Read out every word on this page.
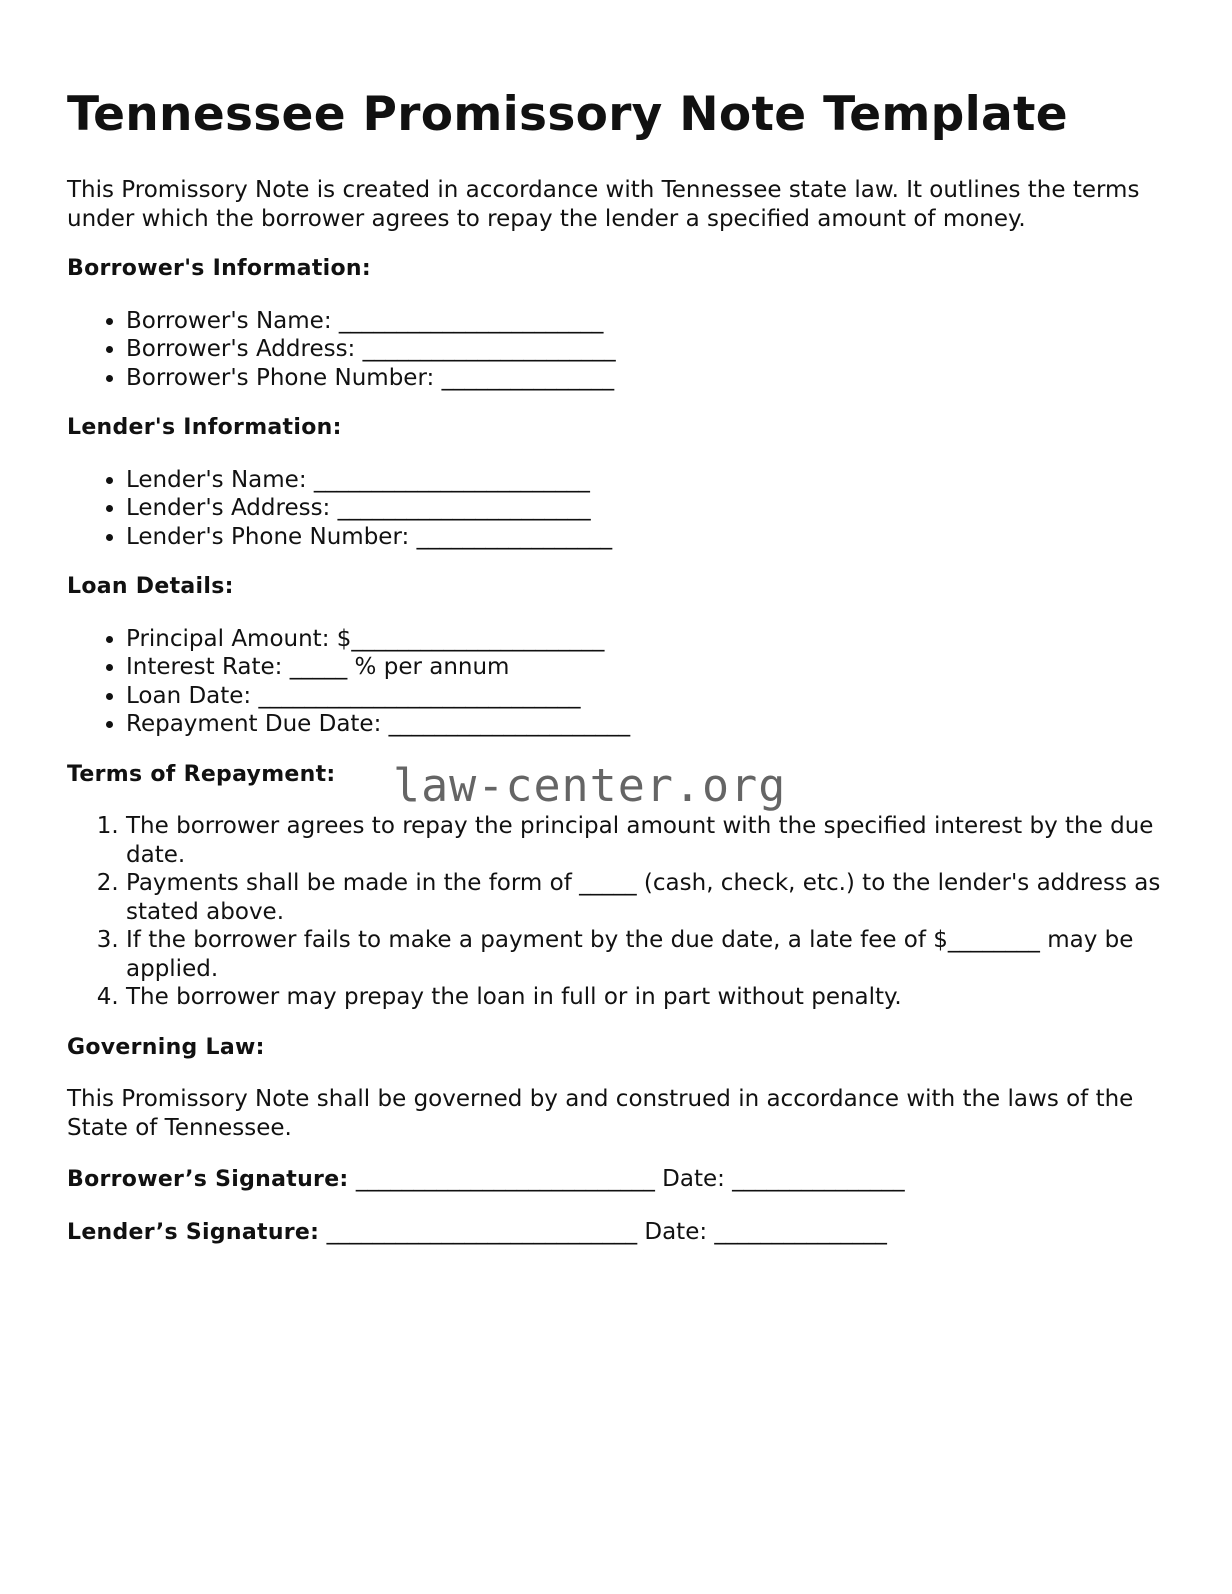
Tennessee Promissory Note Template

This Promissory Note is created in accordance with Tennessee state law. It outlines the terms under which the borrower agrees to repay the lender a specified amount of money.

Borrower's Information:
• Borrower's Name: _______________________
• Borrower's Address: ______________________
• Borrower's Phone Number: _______________
Lender's Information:
• Lender's Name: ________________________
• Lender's Address: ______________________
• Lender's Phone Number: _________________
Loan Details:
• Principal Amount: $______________________
• Interest Rate: _____ % per annum
• Loan Date: ____________________________
• Repayment Due Date: _____________________
Terms of Repayment:
1. The borrower agrees to repay the principal amount with the specified interest by the due date.
2. Payments shall be made in the form of _____ (cash, check, etc.) to the lender's address as stated above.
3. If the borrower fails to make a payment by the due date, a late fee of $________ may be applied.
4. The borrower may prepay the loan in full or in part without penalty.
Governing Law:

This Promissory Note shall be governed by and construed in accordance with the laws of the State of Tennessee.

Borrower’s Signature: __________________________ Date: _______________
Lender’s Signature: ___________________________ Date: _______________
law-center.org
